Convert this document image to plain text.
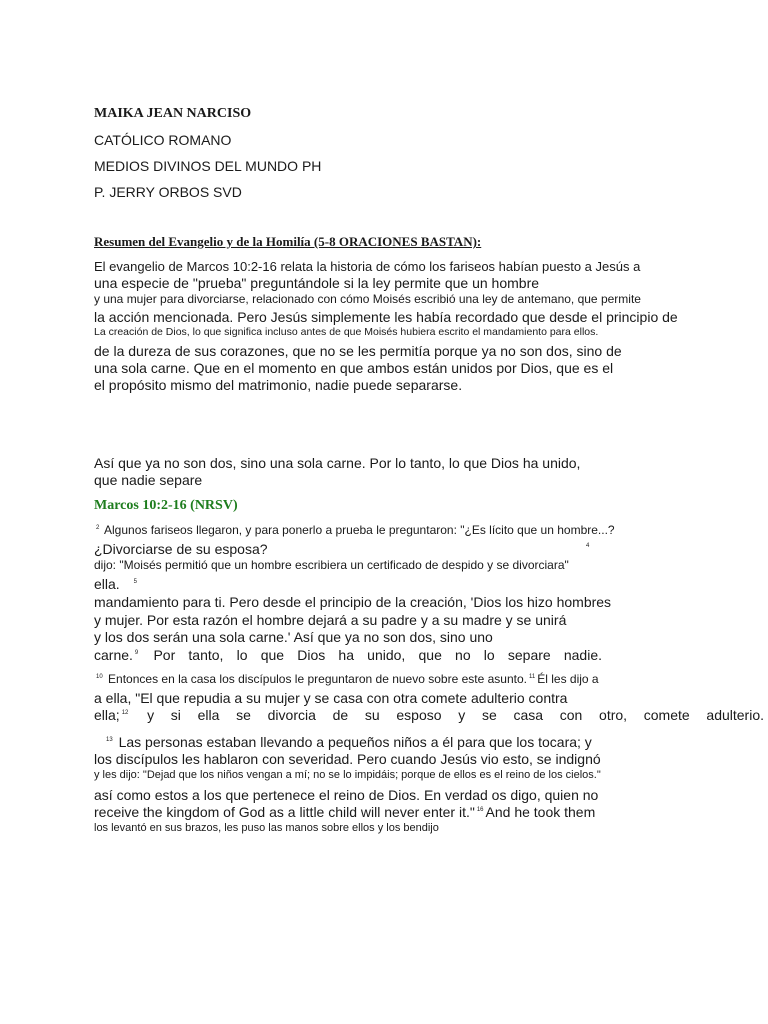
MAIKA JEAN NARCISO
CATÓLICO ROMANO
MEDIOS DIVINOS DEL MUNDO PH
P. JERRY ORBOS SVD
Resumen del Evangelio y de la Homilía (5-8 ORACIONES BASTAN):
El evangelio de Marcos 10:2-16 relata la historia de cómo los fariseos habían puesto a Jesús a
una especie de "prueba" preguntándole si la ley permite que un hombre
y una mujer para divorciarse, relacionado con cómo Moisés escribió una ley de antemano, que permite
la acción mencionada. Pero Jesús simplemente les había recordado que desde el principio de
La creación de Dios, lo que significa incluso antes de que Moisés hubiera escrito el mandamiento para ellos.
de la dureza de sus corazones, que no se les permitía porque ya no son dos, sino de
una sola carne. Que en el momento en que ambos están unidos por Dios, que es el
el propósito mismo del matrimonio, nadie puede separarse.
Así que ya no son dos, sino una sola carne. Por lo tanto, lo que Dios ha unido,
que nadie separe
Marcos 10:2-16 (NRSV)
$^2$ Algunos fariseos llegaron, y para ponerlo a prueba le preguntaron: "¿Es lícito que un hombre...?
¿Divorciarse de su esposa?	4
dijo: "Moisés permitió que un hombre escribiera un certificado de despido y se divorciara"
ella. $^5$
mandamiento para ti. Pero desde el principio de la creación, 'Dios los hizo hombres
y mujer. Por esta razón el hombre dejará a su padre y a su madre y se unirá
y los dos serán una sola carne.' Así que ya no son dos, sino uno
carne. $^9$ Por tanto, lo que Dios ha unido, que no lo separe nadie.
$^{10}$ Entonces en la casa los discípulos le preguntaron de nuevo sobre este asunto. $^{11}$ Él les dijo a
a ella, "El que repudia a su mujer y se casa con otra comete adulterio contra
ella; $^{12}$ y si ella se divorcia de su esposo y se casa con otro, comete adulterio.
$^{13}$ Las personas estaban llevando a pequeños niños a él para que los tocara; y
los discípulos les hablaron con severidad. Pero cuando Jesús vio esto, se indignó
y les dijo: "Dejad que los niños vengan a mí; no se lo impidáis; porque de ellos es el reino de los cielos."
así como estos a los que pertenece el reino de Dios. En verdad os digo, quien no
receive the kingdom of God as a little child will never enter it." $^{16}$ And he took them
los levantó en sus brazos, les puso las manos sobre ellos y los bendijo
